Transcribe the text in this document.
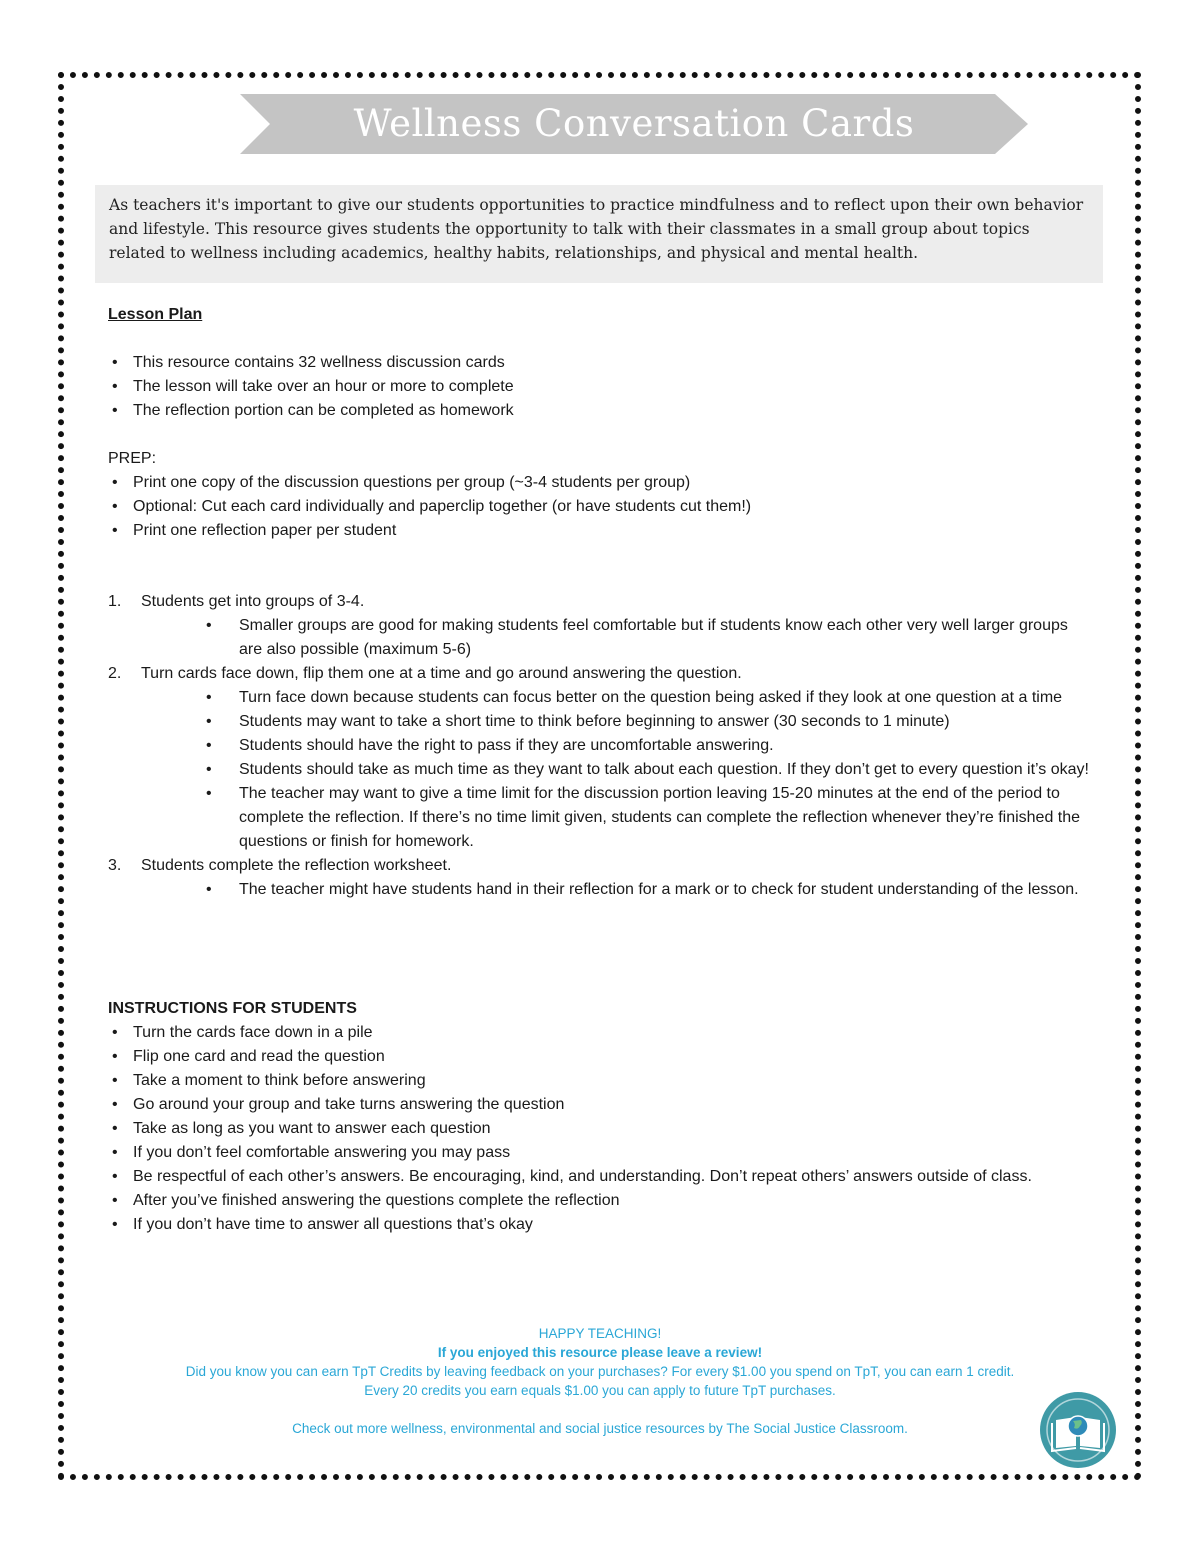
Wellness Conversation Cards
As teachers it's important to give our students opportunities to practice mindfulness and to reflect upon their own behavior and lifestyle. This resource gives students the opportunity to talk with their classmates in a small group about topics related to wellness including academics, healthy habits, relationships, and physical and mental health.
Lesson Plan
• This resource contains 32 wellness discussion cards
• The lesson will take over an hour or more to complete
• The reflection portion can be completed as homework
PREP:
• Print one copy of the discussion questions per group (~3-4 students per group)
• Optional: Cut each card individually and paperclip together (or have students cut them!)
• Print one reflection paper per student
1. Students get into groups of 3-4.
• Smaller groups are good for making students feel comfortable but if students know each other very well larger groups are also possible (maximum 5-6)
2. Turn cards face down, flip them one at a time and go around answering the question.
• Turn face down because students can focus better on the question being asked if they look at one question at a time
• Students may want to take a short time to think before beginning to answer (30 seconds to 1 minute)
• Students should have the right to pass if they are uncomfortable answering.
• Students should take as much time as they want to talk about each question. If they don’t get to every question it’s okay!
• The teacher may want to give a time limit for the discussion portion leaving 15-20 minutes at the end of the period to complete the reflection. If there’s no time limit given, students can complete the reflection whenever they’re finished the questions or finish for homework.
3. Students complete the reflection worksheet.
• The teacher might have students hand in their reflection for a mark or to check for student understanding of the lesson.
INSTRUCTIONS FOR STUDENTS
• Turn the cards face down in a pile
• Flip one card and read the question
• Take a moment to think before answering
• Go around your group and take turns answering the question
• Take as long as you want to answer each question
• If you don’t feel comfortable answering you may pass
• Be respectful of each other’s answers. Be encouraging, kind, and understanding. Don’t repeat others’ answers outside of class.
• After you’ve finished answering the questions complete the reflection
• If you don’t have time to answer all questions that’s okay
HAPPY TEACHING!
If you enjoyed this resource please leave a review!
Did you know you can earn TpT Credits by leaving feedback on your purchases? For every $1.00 you spend on TpT, you can earn 1 credit. Every 20 credits you earn equals $1.00 you can apply to future TpT purchases.
Check out more wellness, environmental and social justice resources by The Social Justice Classroom.
